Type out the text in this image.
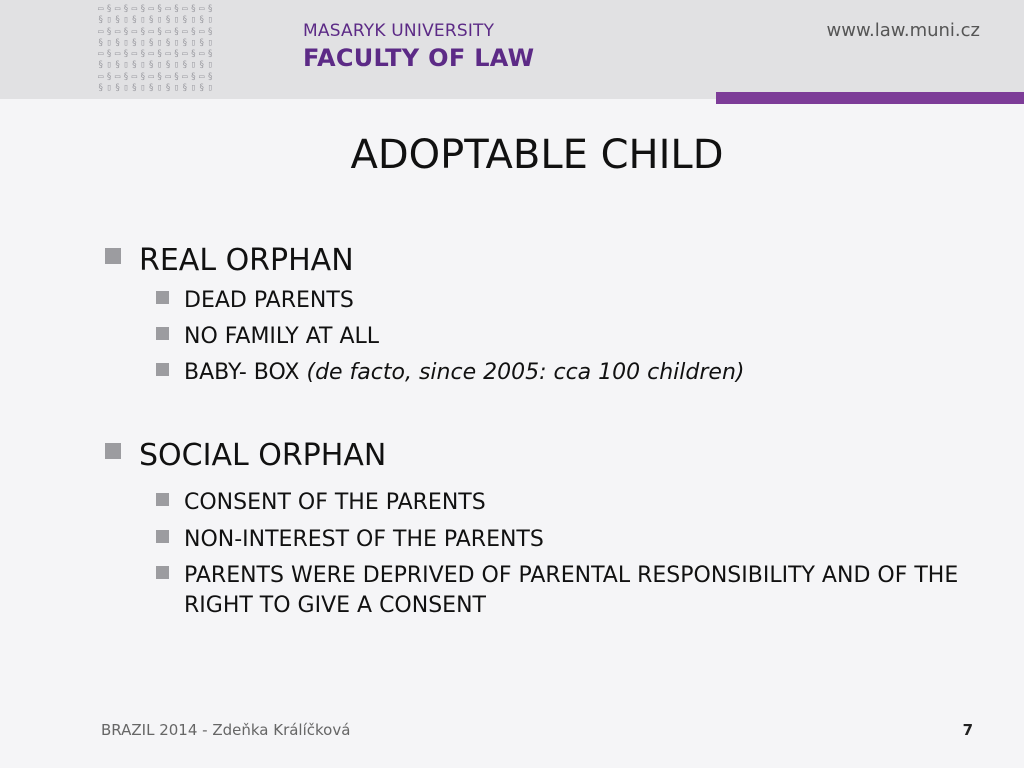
▭§▭§▭§▭§▭§▭§▭§
§▯§▯§▯§▯§▯§▯§▯
▭§▭§▭§▭§▭§▭§▭§
§▯§▯§▯§▯§▯§▯§▯
▭§▭§▭§▭§▭§▭§▭§
§▯§▯§▯§▯§▯§▯§▯
▭§▭§▭§▭§▭§▭§▭§
§▯§▯§▯§▯§▯§▯§▯
MASARYK UNIVERSITY
FACULTY OF LAW
www.law.muni.cz
ADOPTABLE CHILD
REAL ORPHAN
DEAD PARENTS
NO FAMILY AT ALL
BABY- BOX (de facto, since 2005: cca 100 children)
SOCIAL ORPHAN
CONSENT OF THE PARENTS
NON-INTEREST OF THE PARENTS
PARENTS WERE DEPRIVED OF PARENTAL RESPONSIBILITY AND OF THE RIGHT TO GIVE A CONSENT
BRAZIL 2014 - Zdeňka Králíčková	7
